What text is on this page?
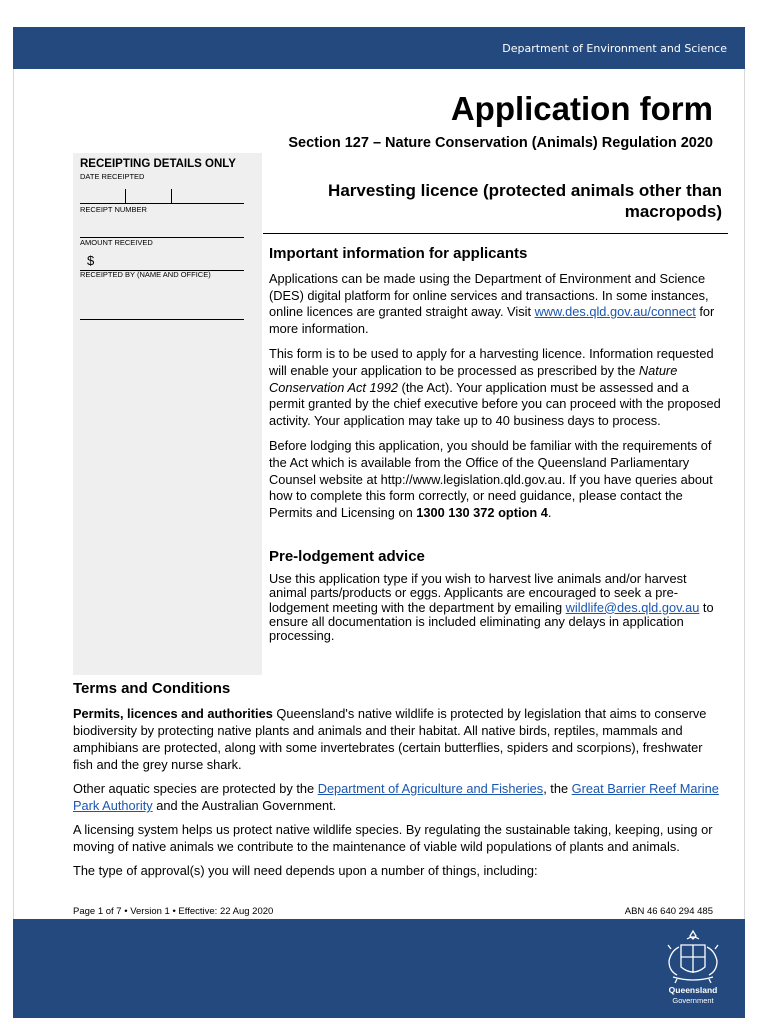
Department of Environment and Science
Application form
Section 127 – Nature Conservation (Animals) Regulation 2020
RECEIPTING DETAILS ONLY
DATE RECEIPTED
RECEIPT NUMBER
AMOUNT RECEIVED
$
RECEIPTED BY (NAME AND OFFICE)
Harvesting licence (protected animals other than macropods)
Important information for applicants

Applications can be made using the Department of Environment and Science (DES) digital platform for online services and transactions. In some instances, online licences are granted straight away. Visit www.des.qld.gov.au/connect for more information.

This form is to be used to apply for a harvesting licence. Information requested will enable your application to be processed as prescribed by the Nature Conservation Act 1992 (the Act). Your application must be assessed and a permit granted by the chief executive before you can proceed with the proposed activity. Your application may take up to 40 business days to process.

Before lodging this application, you should be familiar with the requirements of the Act which is available from the Office of the Queensland Parliamentary Counsel website at http://www.legislation.qld.gov.au. If you have queries about how to complete this form correctly, or need guidance, please contact the Permits and Licensing on 1300 130 372 option 4.

Pre-lodgement advice

Use this application type if you wish to harvest live animals and/or harvest animal parts/products or eggs. Applicants are encouraged to seek a pre-lodgement meeting with the department by emailing wildlife@des.qld.gov.au to ensure all documentation is included eliminating any delays in application processing.

Terms and Conditions

Permits, licences and authorities Queensland's native wildlife is protected by legislation that aims to conserve biodiversity by protecting native plants and animals and their habitat. All native birds, reptiles, mammals and amphibians are protected, along with some invertebrates (certain butterflies, spiders and scorpions), freshwater fish and the grey nurse shark.

Other aquatic species are protected by the Department of Agriculture and Fisheries, the Great Barrier Reef Marine Park Authority and the Australian Government.

A licensing system helps us protect native wildlife species. By regulating the sustainable taking, keeping, using or moving of native animals we contribute to the maintenance of viable wild populations of plants and animals.

The type of approval(s) you will need depends upon a number of things, including:

Page 1 of 7 • Version 1 • Effective: 22 Aug 2020	ABN 46 640 294 485
Queensland
Government
